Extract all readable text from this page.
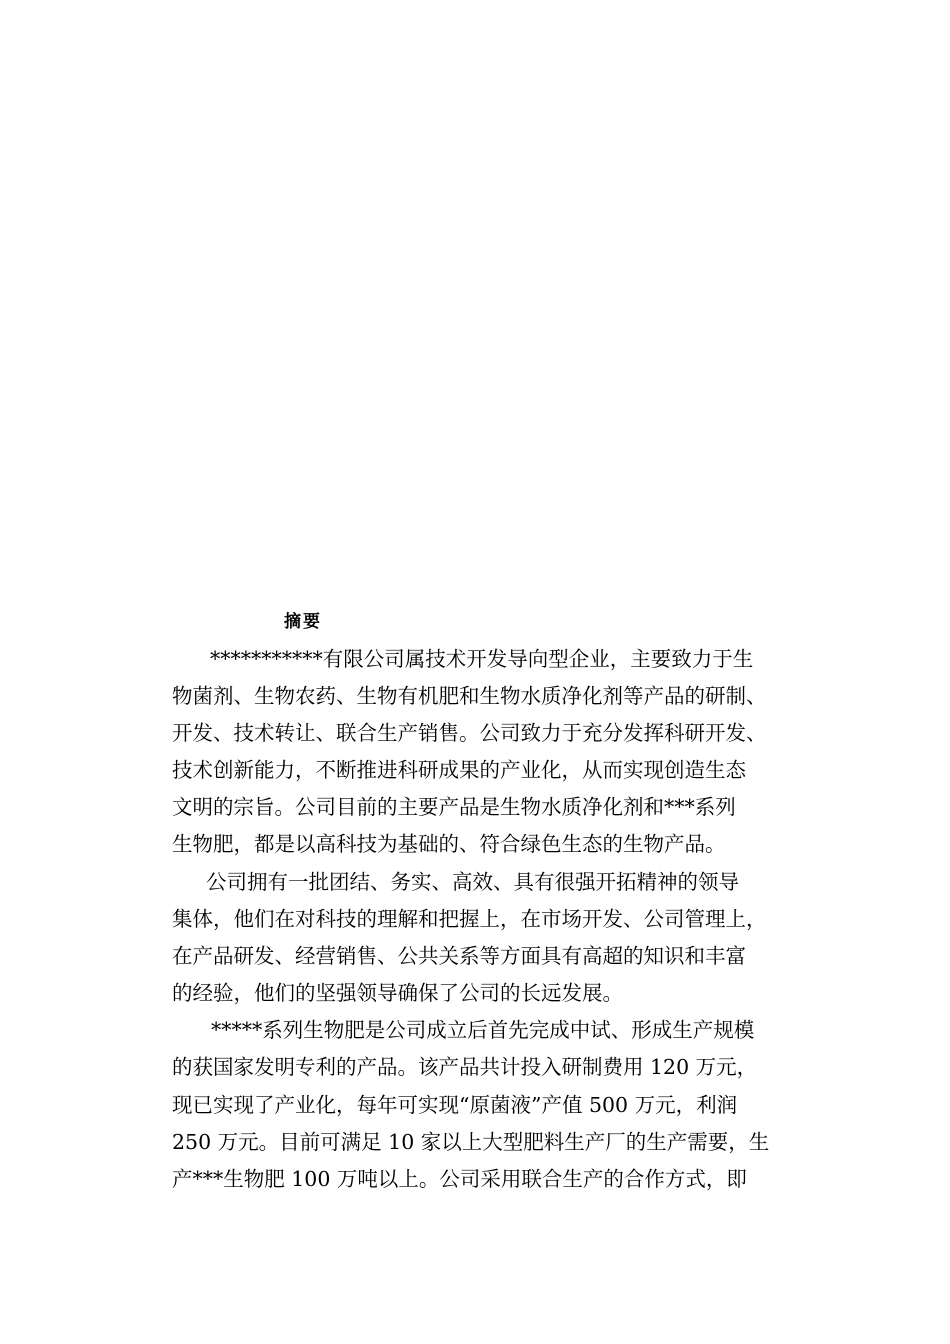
摘要
***********有限公司属技术开发导向型企业，主要致力于生
物菌剂、生物农药、生物有机肥和生物水质净化剂等产品的研制、
开发、技术转让、联合生产销售。公司致力于充分发挥科研开发、
技术创新能力，不断推进科研成果的产业化，从而实现创造生态
文明的宗旨。公司目前的主要产品是生物水质净化剂和***系列
生物肥，都是以高科技为基础的、符合绿色生态的生物产品。
公司拥有一批团结、务实、高效、具有很强开拓精神的领导
集体，他们在对科技的理解和把握上，在市场开发、公司管理上，
在产品研发、经营销售、公共关系等方面具有高超的知识和丰富
的经验，他们的坚强领导确保了公司的长远发展。
*****系列生物肥是公司成立后首先完成中试、形成生产规模
的获国家发明专利的产品。该产品共计投入研制费用 120 万元，
现已实现了产业化，每年可实现“原菌液”产值 500 万元，利润
250 万元。目前可满足 10 家以上大型肥料生产厂的生产需要，生
产***生物肥 100 万吨以上。公司采用联合生产的合作方式，即
